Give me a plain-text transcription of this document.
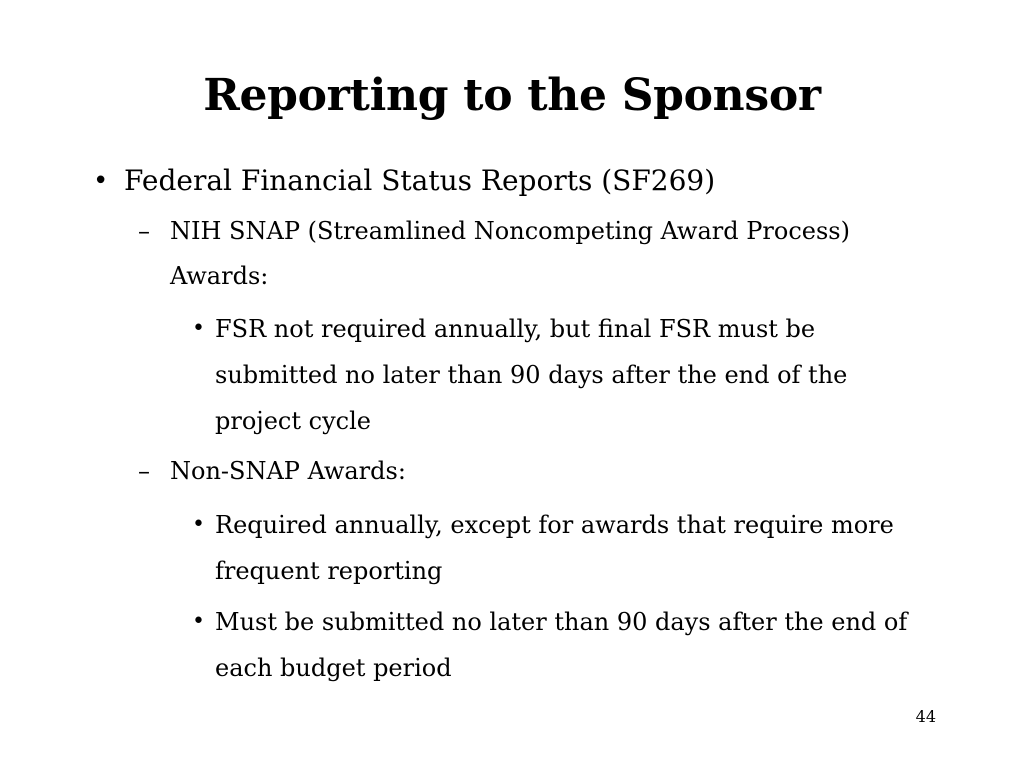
Reporting to the Sponsor
• Federal Financial Status Reports (SF269)
– NIH SNAP (Streamlined Noncompeting Award Process) Awards:
• FSR not required annually, but final FSR must be submitted no later than 90 days after the end of the project cycle
– Non-SNAP Awards:
• Required annually, except for awards that require more frequent reporting
• Must be submitted no later than 90 days after the end of each budget period
44
